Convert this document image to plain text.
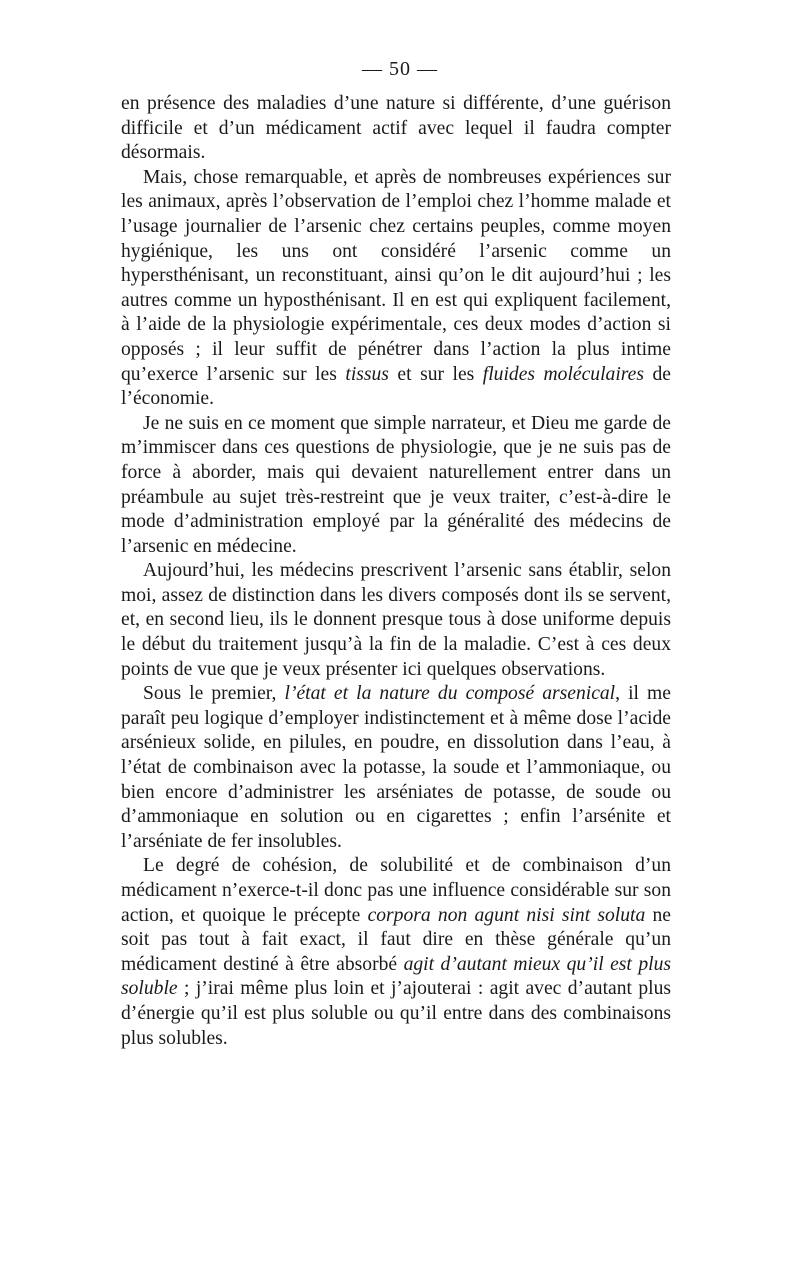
— 50 —

en présence des maladies d’une nature si différente, d’une guérison difficile et d’un médicament actif avec lequel il faudra compter désormais.

Mais, chose remarquable, et après de nombreuses expériences sur les animaux, après l’observation de l’emploi chez l’homme malade et l’usage journalier de l’arsenic chez certains peuples, comme moyen hygiénique, les uns ont considéré l’arsenic comme un hypersthénisant, un reconstituant, ainsi qu’on le dit aujourd’hui ; les autres comme un hyposthénisant. Il en est qui expliquent facilement, à l’aide de la physiologie expérimentale, ces deux modes d’action si opposés ; il leur suffit de pénétrer dans l’action la plus intime qu’exerce l’arsenic sur les tissus et sur les fluides moléculaires de l’économie.

Je ne suis en ce moment que simple narrateur, et Dieu me garde de m’immiscer dans ces questions de physiologie, que je ne suis pas de force à aborder, mais qui devaient naturellement entrer dans un préambule au sujet très-restreint que je veux traiter, c’est-à-dire le mode d’administration employé par la généralité des médecins de l’arsenic en médecine.

Aujourd’hui, les médecins prescrivent l’arsenic sans établir, selon moi, assez de distinction dans les divers composés dont ils se servent, et, en second lieu, ils le donnent presque tous à dose uniforme depuis le début du traitement jusqu’à la fin de la maladie. C’est à ces deux points de vue que je veux présenter ici quelques observations.

Sous le premier, l’état et la nature du composé arsenical, il me paraît peu logique d’employer indistinctement et à même dose l’acide arsénieux solide, en pilules, en poudre, en dissolution dans l’eau, à l’état de combinaison avec la potasse, la soude et l’ammoniaque, ou bien encore d’administrer les arséniates de potasse, de soude ou d’ammoniaque en solution ou en cigarettes ; enfin l’arsénite et l’arséniate de fer insolubles.

Le degré de cohésion, de solubilité et de combinaison d’un médicament n’exerce-t-il donc pas une influence considérable sur son action, et quoique le précepte corpora non agunt nisi sint soluta ne soit pas tout à fait exact, il faut dire en thèse générale qu’un médicament destiné à être absorbé agit d’autant mieux qu’il est plus soluble ; j’irai même plus loin et j’ajouterai : agit avec d’autant plus d’énergie qu’il est plus soluble ou qu’il entre dans des combinaisons plus solubles.
